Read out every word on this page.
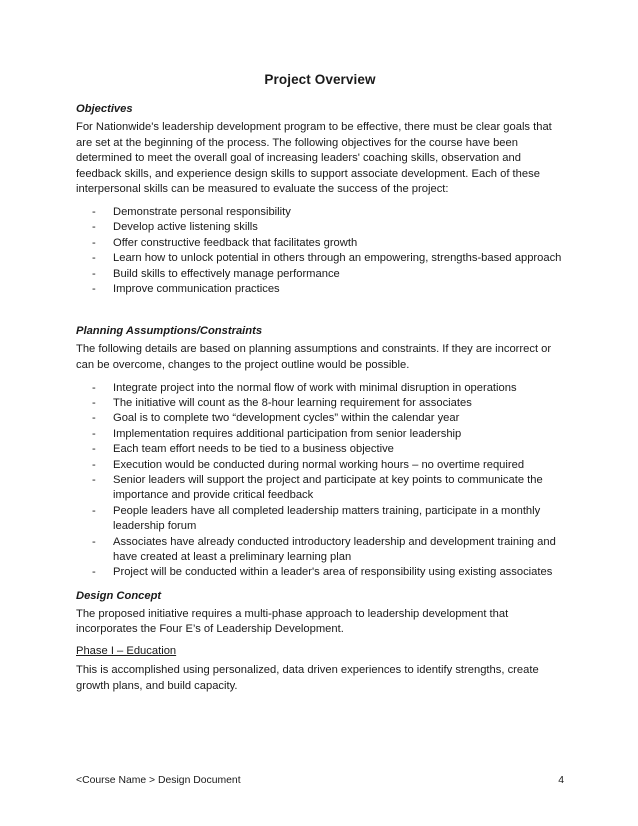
Project Overview
Objectives

For Nationwide's leadership development program to be effective, there must be clear goals that are set at the beginning of the process. The following objectives for the course have been determined to meet the overall goal of increasing leaders' coaching skills, observation and feedback skills, and experience design skills to support associate development. Each of these interpersonal skills can be measured to evaluate the success of the project:

- Demonstrate personal responsibility
- Develop active listening skills
- Offer constructive feedback that facilitates growth
- Learn how to unlock potential in others through an empowering, strengths-based approach
- Build skills to effectively manage performance
- Improve communication practices
Planning Assumptions/Constraints

The following details are based on planning assumptions and constraints. If they are incorrect or can be overcome, changes to the project outline would be possible.

- Integrate project into the normal flow of work with minimal disruption in operations
- The initiative will count as the 8-hour learning requirement for associates
- Goal is to complete two “development cycles” within the calendar year
- Implementation requires additional participation from senior leadership
- Each team effort needs to be tied to a business objective
- Execution would be conducted during normal working hours – no overtime required
- Senior leaders will support the project and participate at key points to communicate the importance and provide critical feedback
- People leaders have all completed leadership matters training, participate in a monthly leadership forum
- Associates have already conducted introductory leadership and development training and have created at least a preliminary learning plan
- Project will be conducted within a leader's area of responsibility using existing associates
Design Concept

The proposed initiative requires a multi-phase approach to leadership development that incorporates the Four E’s of Leadership Development.

Phase I – Education

This is accomplished using personalized, data driven experiences to identify strengths, create growth plans, and build capacity.

<Course Name > Design Document	4
